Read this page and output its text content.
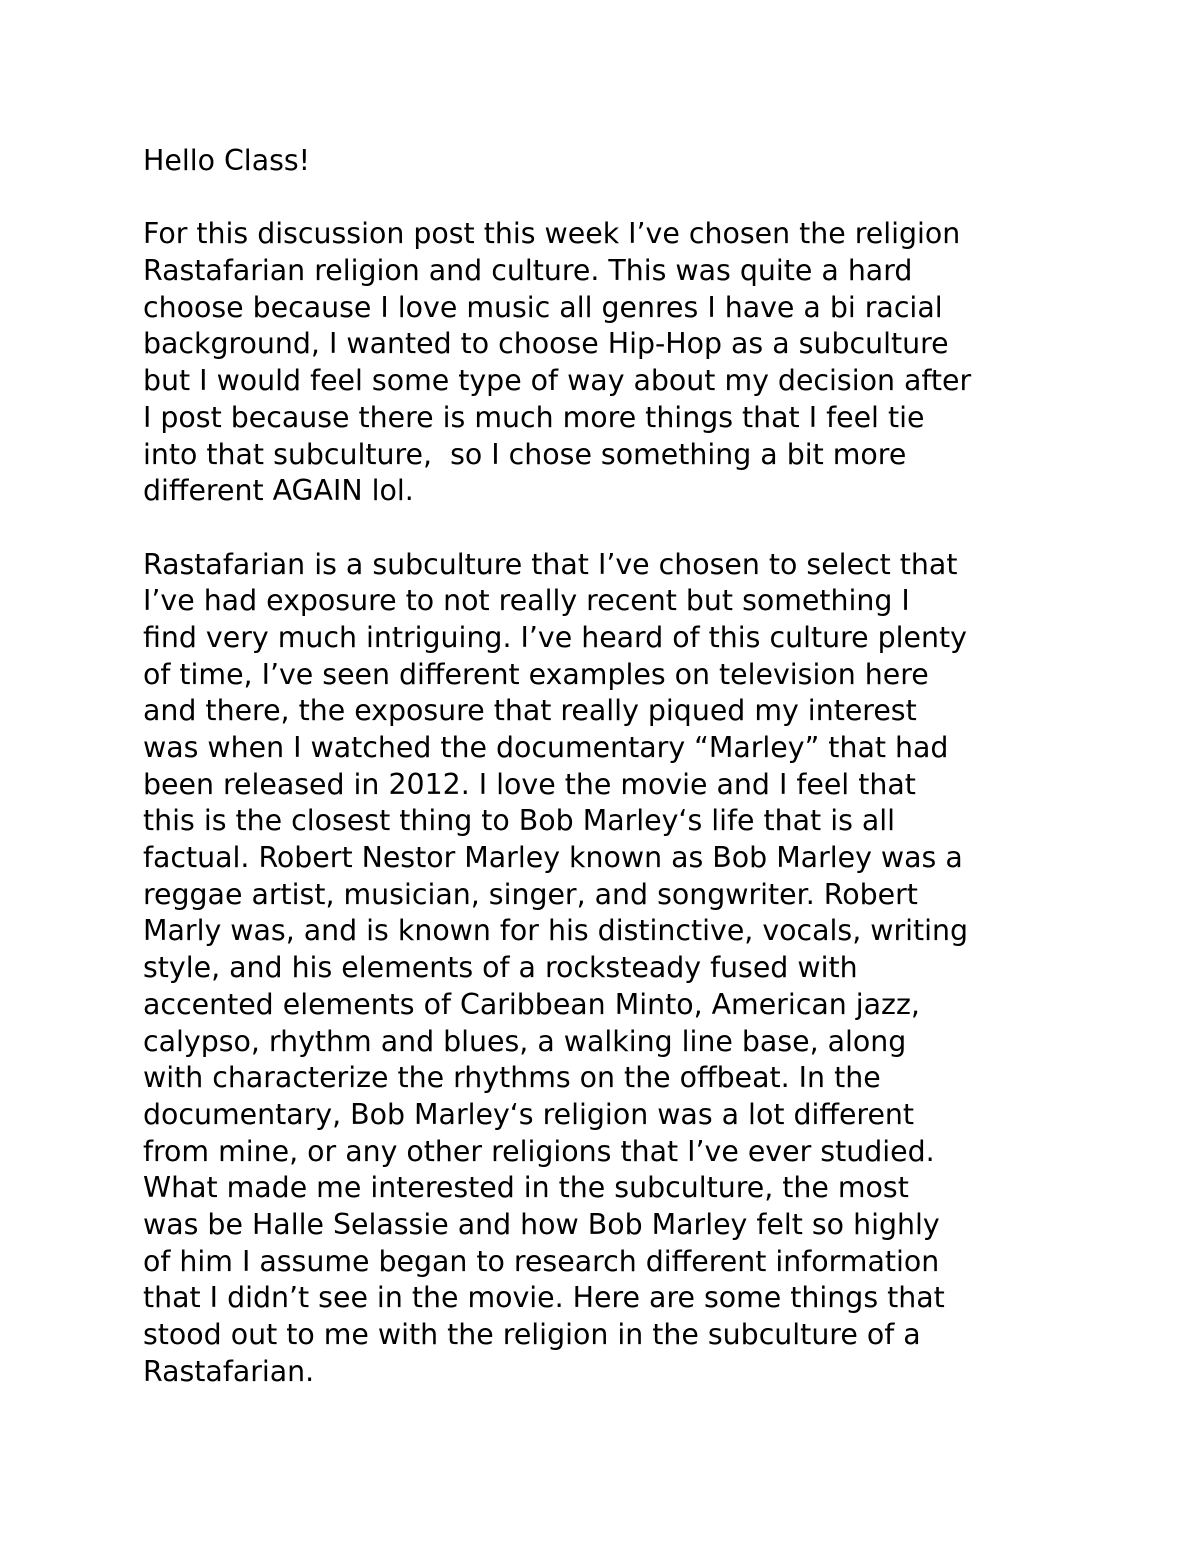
Hello Class!
For this discussion post this week I’ve chosen the religion
Rastafarian religion and culture. This was quite a hard
choose because I love music all genres I have a bi racial
background, I wanted to choose Hip-Hop as a subculture
but I would feel some type of way about my decision after
I post because there is much more things that I feel tie
into that subculture,  so I chose something a bit more
different AGAIN lol.
Rastafarian is a subculture that I’ve chosen to select that
I’ve had exposure to not really recent but something I
find very much intriguing. I’ve heard of this culture plenty
of time, I’ve seen different examples on television here
and there, the exposure that really piqued my interest
was when I watched the documentary “Marley” that had
been released in 2012. I love the movie and I feel that
this is the closest thing to Bob Marley‘s life that is all
factual. Robert Nestor Marley known as Bob Marley was a
reggae artist, musician, singer, and songwriter. Robert
Marly was, and is known for his distinctive, vocals, writing
style, and his elements of a rocksteady fused with
accented elements of Caribbean Minto, American jazz,
calypso, rhythm and blues, a walking line base, along
with characterize the rhythms on the offbeat. In the
documentary, Bob Marley‘s religion was a lot different
from mine, or any other religions that I’ve ever studied.
What made me interested in the subculture, the most
was be Halle Selassie and how Bob Marley felt so highly
of him I assume began to research different information
that I didn’t see in the movie. Here are some things that
stood out to me with the religion in the subculture of a
Rastafarian.
